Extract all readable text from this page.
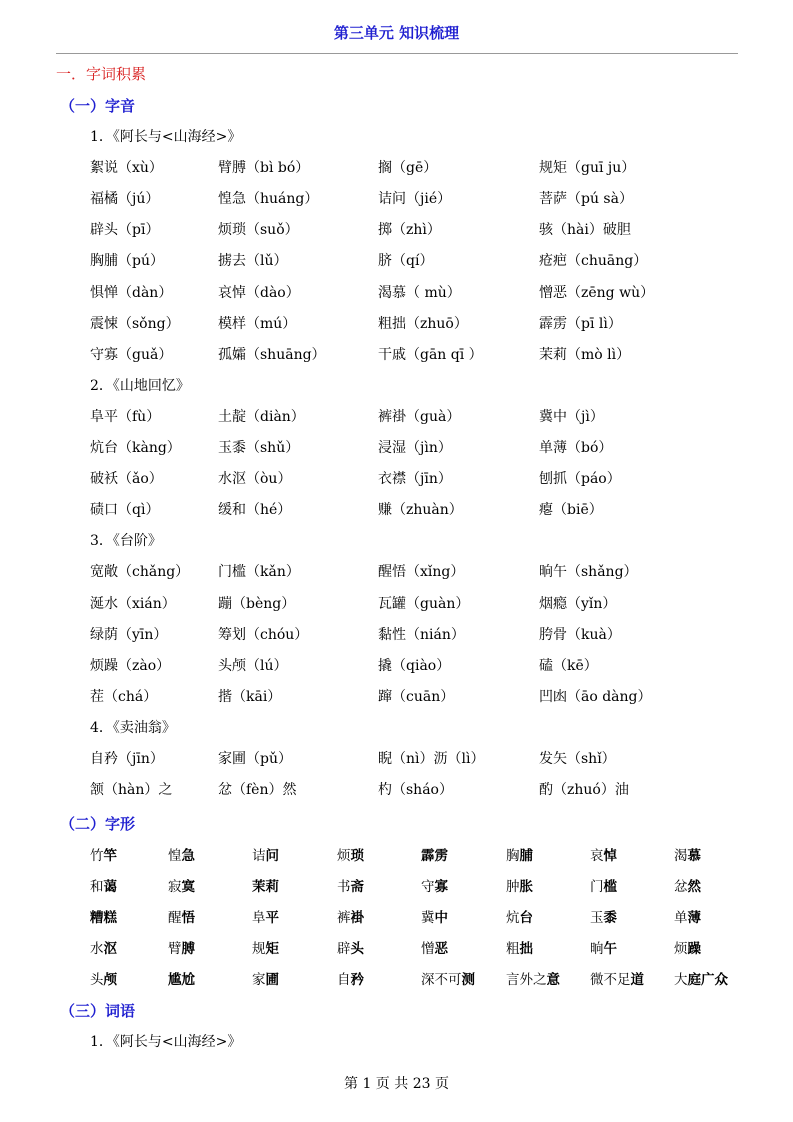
第三单元 知识梳理
一．字词积累
（一）字音
1．《阿长与<山海经>》
絮说（xù）	臂膊（bì bó）	搁（gē）	规矩（guī ju）
福橘（jú）	惶急（huáng）	诘问（jié）	菩萨（pú sà）
辟头（pī）	烦琐（suǒ）	掷（zhì）	骇（hài）破胆
胸脯（pú）	掳去（lǔ）	脐（qí）	疮疤（chuāng）
惧惮（dàn）	哀悼（dào）	渴慕（ mù）	憎恶（zēng wù）
震悚（sǒng）	模样（mú）	粗拙（zhuō）	霹雳（pī lì）
守寡（guǎ）	孤孀（shuāng）	干戚（gān qī ）	茉莉（mò lì）
2．《山地回忆》
阜平（fù）	土靛（diàn）	裤褂（guà）	冀中（jì）
炕台（kàng）	玉黍（shǔ）	浸湿（jìn）	单薄（bó）
破袄（ǎo）	水沤（òu）	衣襟（jīn）	刨抓（páo）
碛口（qì）	缓和（hé）	赚（zhuàn）	瘪（biē）
3．《台阶》
宽敞（chǎng） 门槛（kǎn）	醒悟（xǐng）	晌午（shǎng）
涎水（xián）	蹦（bèng）	瓦罐（guàn）	烟瘾（yǐn）
绿荫（yīn）	筹划（chóu）	黏性（nián）	胯骨（kuà）
烦躁（zào）	头颅（lú）	撬（qiào）	磕（kē）
茬（chá）	揩（kāi）	蹿（cuān）	凹凼（āo dàng）
4．《卖油翁》
自矜（jīn）	家圃（pǔ）	睨（nì）沥（lì）	发矢（shǐ）
颔（hàn）之	忿（fèn）然	杓（sháo）	酌（zhuó）油
（二）字形
竹竿	惶急	诘问	烦琐	霹雳	胸脯	哀悼	渴慕
和蔼	寂寞	茉莉	书斋	守寡	肿胀	门槛	忿然
糟糕	醒悟	阜平	裤褂	冀中	炕台	玉黍	单薄
水沤	臂膊	规矩	辟头	憎恶	粗拙	晌午	烦躁
头颅	尴尬	家圃	自矜	深不可测 言外之意 微不足道 大庭广众
（三）词语
1．《阿长与<山海经>》
第 1 页 共 23 页
